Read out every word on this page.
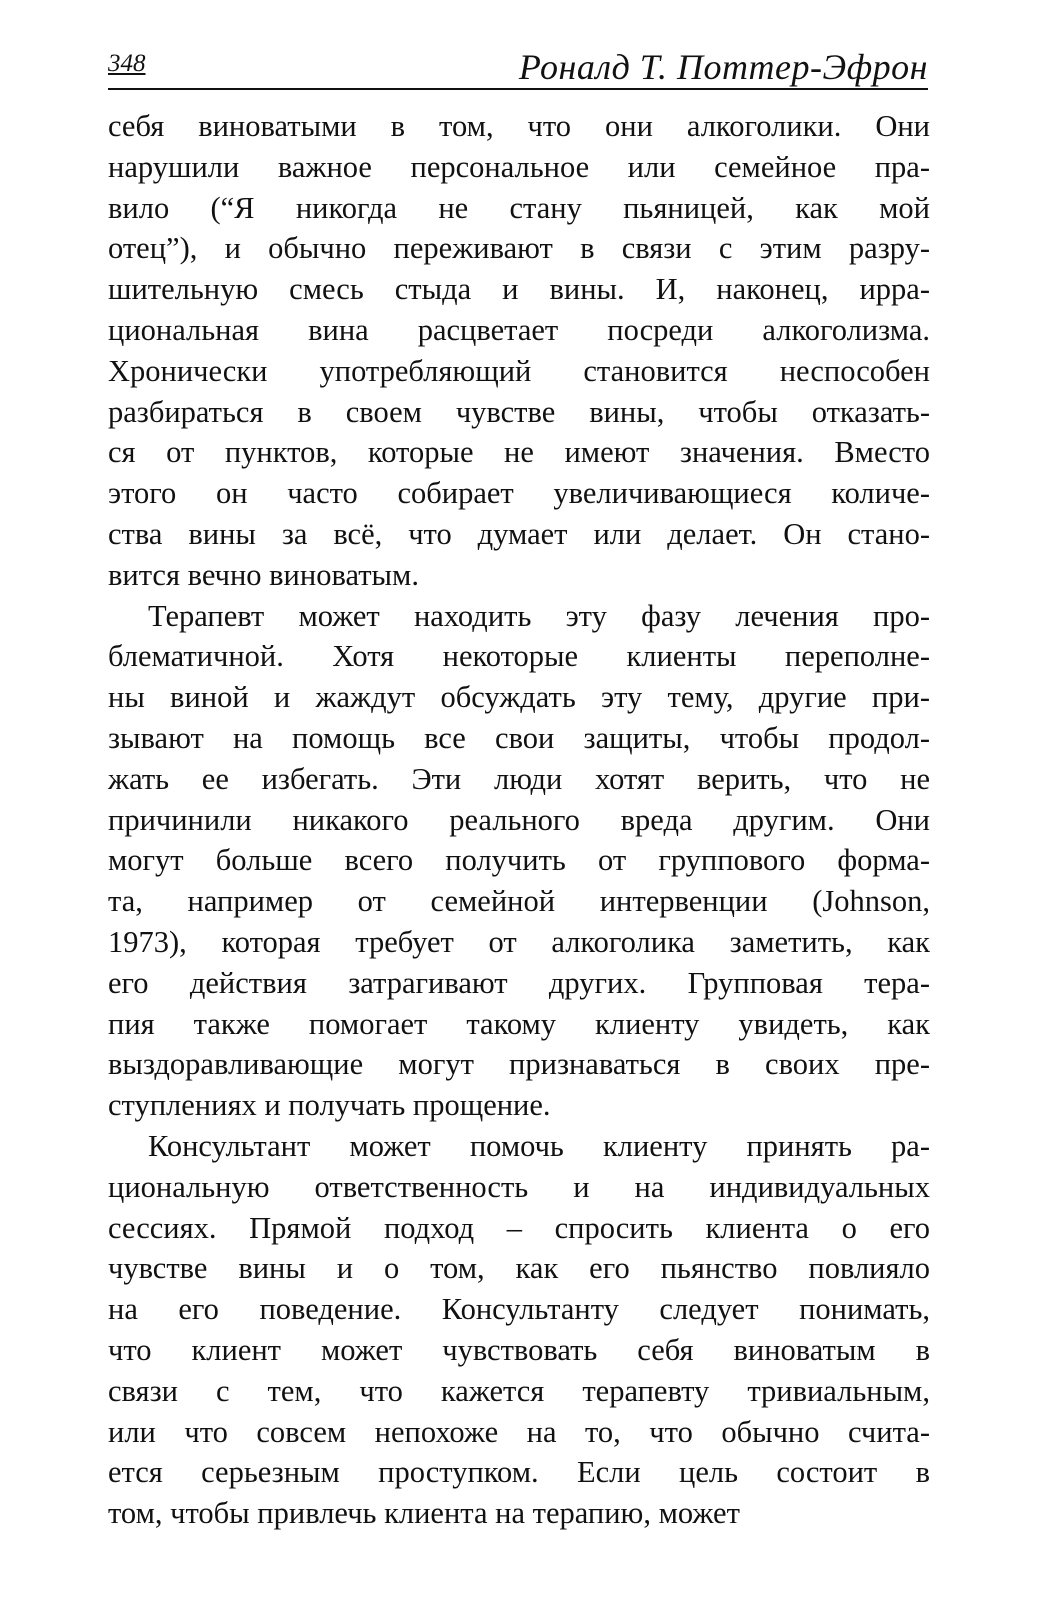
348	Роналд Т. Поттер-Эфрон
себя виноватыми в том, что они алкоголики. Они
нарушили важное персональное или семейное пра-
вило (“Я никогда не стану пьяницей, как мой
отец”), и обычно переживают в связи с этим разру-
шительную смесь стыда и вины. И, наконец, ирра-
циональная вина расцветает посреди алкоголизма.
Хронически употребляющий становится неспособен
разбираться в своем чувстве вины, чтобы отказать-
ся от пунктов, которые не имеют значения. Вместо
этого он часто собирает увеличивающиеся количе-
ства вины за всё, что думает или делает. Он стано-
вится вечно виноватым.
Терапевт может находить эту фазу лечения про-
блематичной. Хотя некоторые клиенты переполне-
ны виной и жаждут обсуждать эту тему, другие при-
зывают на помощь все свои защиты, чтобы продол-
жать ее избегать. Эти люди хотят верить, что не
причинили никакого реального вреда другим. Они
могут больше всего получить от группового форма-
та, например от семейной интервенции (Johnson,
1973), которая требует от алкоголика заметить, как
его действия затрагивают других. Групповая тера-
пия также помогает такому клиенту увидеть, как
выздоравливающие могут признаваться в своих пре-
ступлениях и получать прощение.
Консультант может помочь клиенту принять ра-
циональную ответственность и на индивидуальных
сессиях. Прямой подход – спросить клиента о его
чувстве вины и о том, как его пьянство повлияло
на его поведение. Консультанту следует понимать,
что клиент может чувствовать себя виноватым в
связи с тем, что кажется терапевту тривиальным,
или что совсем непохоже на то, что обычно счита-
ется серьезным проступком. Если цель состоит в
том, чтобы привлечь клиента на терапию, может
